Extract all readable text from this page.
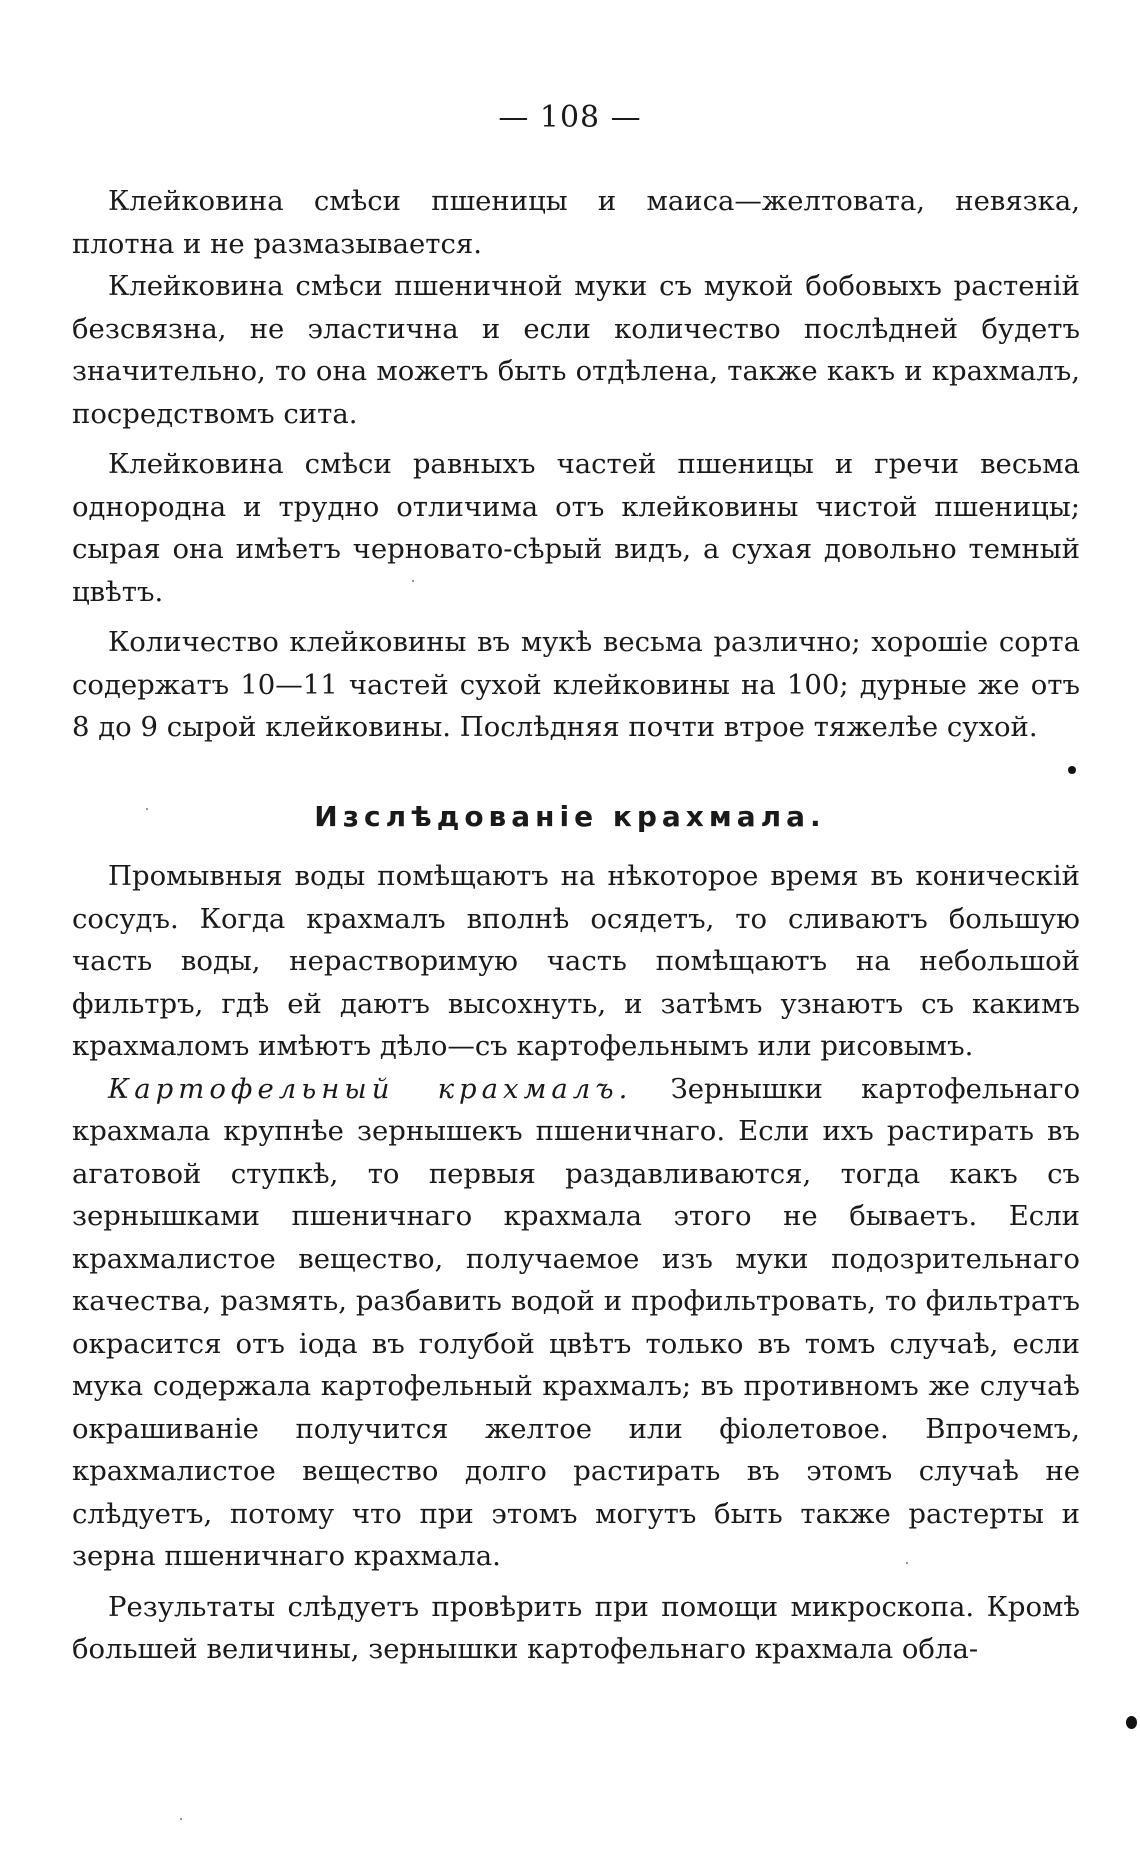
— 108 —

Клейковина смѣси пшеницы и маиса—желтовата, невязка, плотна и не размазывается.

Клейковина смѣси пшеничной муки съ мукой бобовыхъ растеній безсвязна, не эластична и если количество послѣдней будетъ значительно, то она можетъ быть отдѣлена, также какъ и крахмалъ, посредствомъ сита.

Клейковина смѣси равныхъ частей пшеницы и гречи весьма однородна и трудно отличима отъ клейковины чистой пшеницы; сырая она имѣетъ черновато-сѣрый видъ, а сухая довольно темный цвѣтъ.

Количество клейковины въ мукѣ весьма различно; хорошіе сорта содержатъ 10—11 частей сухой клейковины на 100; дурные же отъ 8 до 9 сырой клейковины. Послѣдняя почти втрое тяжелѣе сухой.

Изслѣдованіе крахмала.

Промывныя воды помѣщаютъ на нѣкоторое время въ коническій сосудъ. Когда крахмалъ вполнѣ осядетъ, то сливаютъ большую часть воды, нерастворимую часть помѣщаютъ на небольшой фильтръ, гдѣ ей даютъ высохнуть, и затѣмъ узнаютъ съ какимъ крахмаломъ имѣютъ дѣло—съ картофельнымъ или рисовымъ.

Картофельный крахмалъ. Зернышки картофельнаго крахмала крупнѣе зернышекъ пшеничнаго. Если ихъ растирать въ агатовой ступкѣ, то первыя раздавливаются, тогда какъ съ зернышками пшеничнаго крахмала этого не бываетъ. Если крахмалистое вещество, получаемое изъ муки подозрительнаго качества, размять, разбавить водой и профильтровать, то фильтратъ окрасится отъ іода въ голубой цвѣтъ только въ томъ случаѣ, если мука содержала картофельный крахмалъ; въ противномъ же случаѣ окрашиваніе получится желтое или фіолетовое. Впрочемъ, крахмалистое вещество долго растирать въ этомъ случаѣ не слѣдуетъ, потому что при этомъ могутъ быть также растерты и зерна пшеничнаго крахмала.

Результаты слѣдуетъ провѣрить при помощи микроскопа. Кромѣ большей величины, зернышки картофельнаго крахмала обла-
